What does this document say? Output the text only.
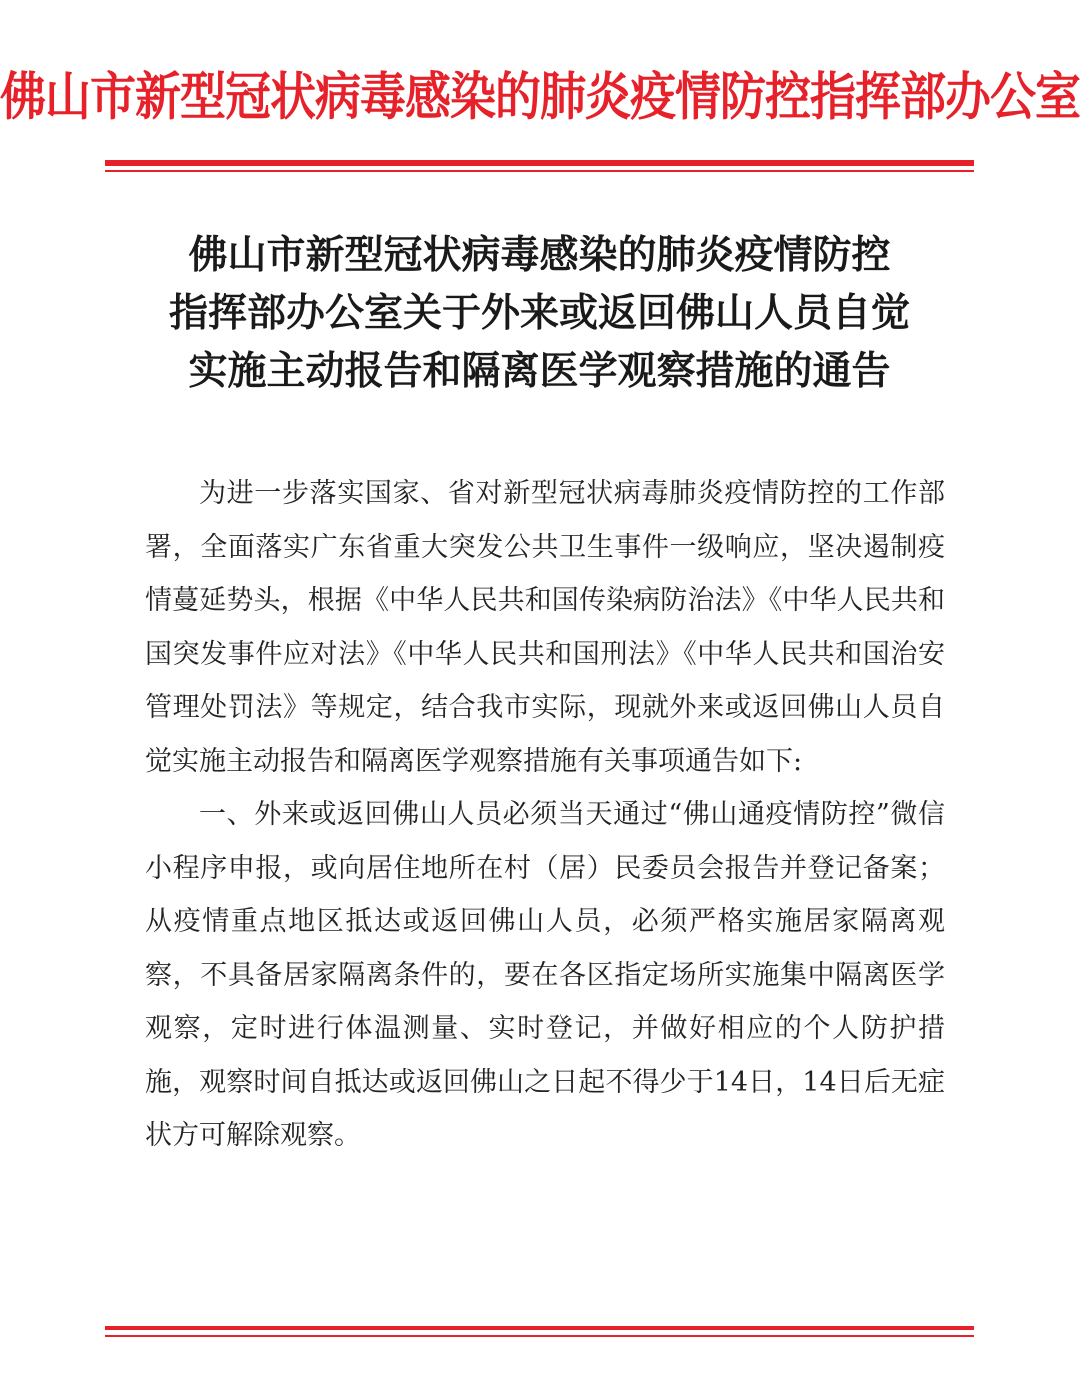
佛山市新型冠状病毒感染的肺炎疫情防控指挥部办公室
佛山市新型冠状病毒感染的肺炎疫情防控
指挥部办公室关于外来或返回佛山人员自觉
实施主动报告和隔离医学观察措施的通告

为进一步落实国家、省对新型冠状病毒肺炎疫情防控的工作部署，全面落实广东省重大突发公共卫生事件一级响应，坚决遏制疫情蔓延势头，根据《中华人民共和国传染病防治法》《中华人民共和国突发事件应对法》《中华人民共和国刑法》《中华人民共和国治安管理处罚法》等规定，结合我市实际，现就外来或返回佛山人员自觉实施主动报告和隔离医学观察措施有关事项通告如下:

一、外来或返回佛山人员必须当天通过“佛山通疫情防控”微信小程序申报，或向居住地所在村（居）民委员会报告并登记备案；从疫情重点地区抵达或返回佛山人员，必须严格实施居家隔离观察，不具备居家隔离条件的，要在各区指定场所实施集中隔离医学观察，定时进行体温测量、实时登记，并做好相应的个人防护措施，观察时间自抵达或返回佛山之日起不得少于14日，14日后无症状方可解除观察。
